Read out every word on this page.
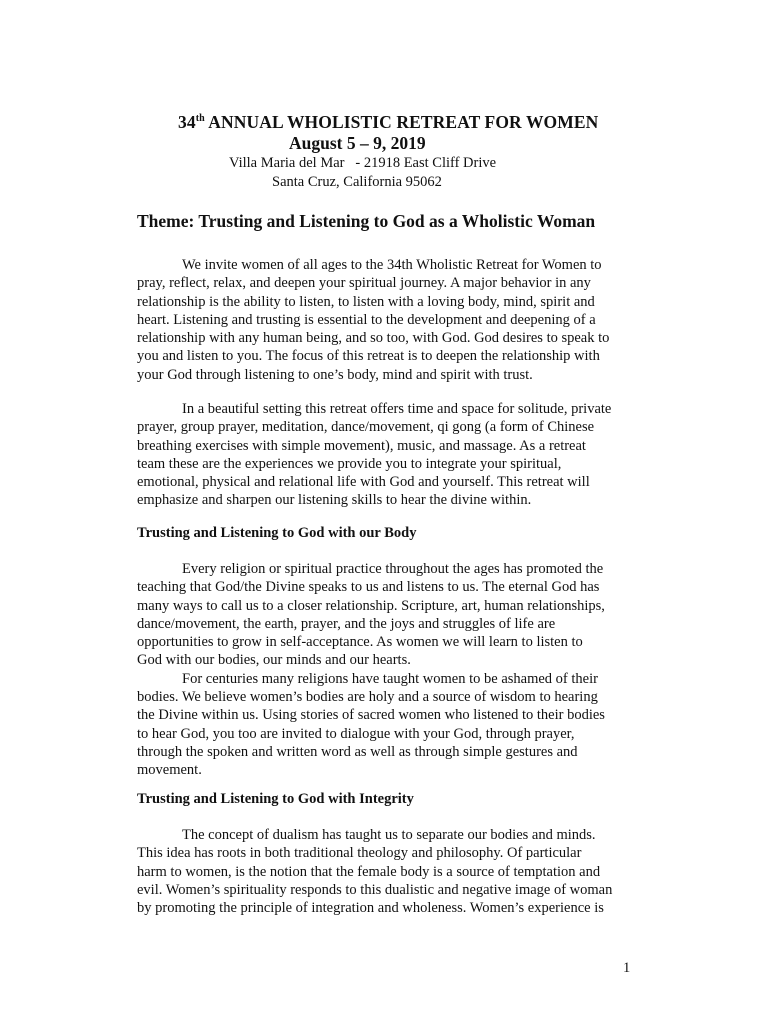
34th ANNUAL WHOLISTIC RETREAT FOR WOMEN
August 5 – 9, 2019
Villa Maria del Mar   - 21918 East Cliff Drive
Santa Cruz, California 95062
Theme: Trusting and Listening to God as a Wholistic Woman
We invite women of all ages to the 34th Wholistic Retreat for Women to
pray, reflect, relax, and deepen your spiritual journey. A major behavior in any
relationship is the ability to listen, to listen with a loving body, mind, spirit and
heart. Listening and trusting is essential to the development and deepening of a
relationship with any human being, and so too, with God. God desires to speak to
you and listen to you. The focus of this retreat is to deepen the relationship with
your God through listening to one’s body, mind and spirit with trust.
In a beautiful setting this retreat offers time and space for solitude, private
prayer, group prayer, meditation, dance/movement, qi gong (a form of Chinese
breathing exercises with simple movement), music, and massage. As a retreat
team these are the experiences we provide you to integrate your spiritual,
emotional, physical and relational life with God and yourself. This retreat will
emphasize and sharpen our listening skills to hear the divine within.
Trusting and Listening to God with our Body
Every religion or spiritual practice throughout the ages has promoted the
teaching that God/the Divine speaks to us and listens to us. The eternal God has
many ways to call us to a closer relationship. Scripture, art, human relationships,
dance/movement, the earth, prayer, and the joys and struggles of life are
opportunities to grow in self-acceptance. As women we will learn to listen to
God with our bodies, our minds and our hearts.
For centuries many religions have taught women to be ashamed of their
bodies. We believe women’s bodies are holy and a source of wisdom to hearing
the Divine within us. Using stories of sacred women who listened to their bodies
to hear God, you too are invited to dialogue with your God, through prayer,
through the spoken and written word as well as through simple gestures and
movement.
Trusting and Listening to God with Integrity
The concept of dualism has taught us to separate our bodies and minds.
This idea has roots in both traditional theology and philosophy. Of particular
harm to women, is the notion that the female body is a source of temptation and
evil. Women’s spirituality responds to this dualistic and negative image of woman
by promoting the principle of integration and wholeness. Women’s experience is
1
